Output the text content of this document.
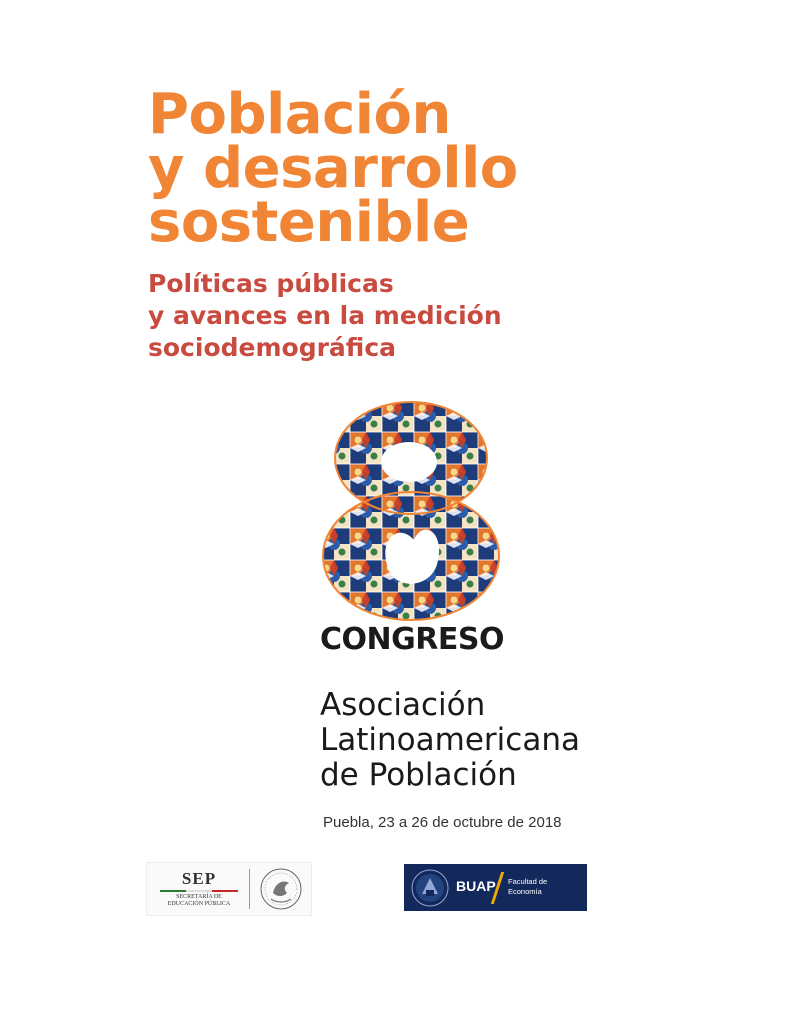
Población
y desarrollo
sostenible
Políticas públicas
y avances en la medición
sociodemográfica
CONGRESO
Asociación
Latinoamericana
de Población
Puebla, 23 a 26 de octubre de 2018
SEP
SECRETARÍA DE
EDUCACIÓN PÚBLICA
BUAP Facultad de
Economía
